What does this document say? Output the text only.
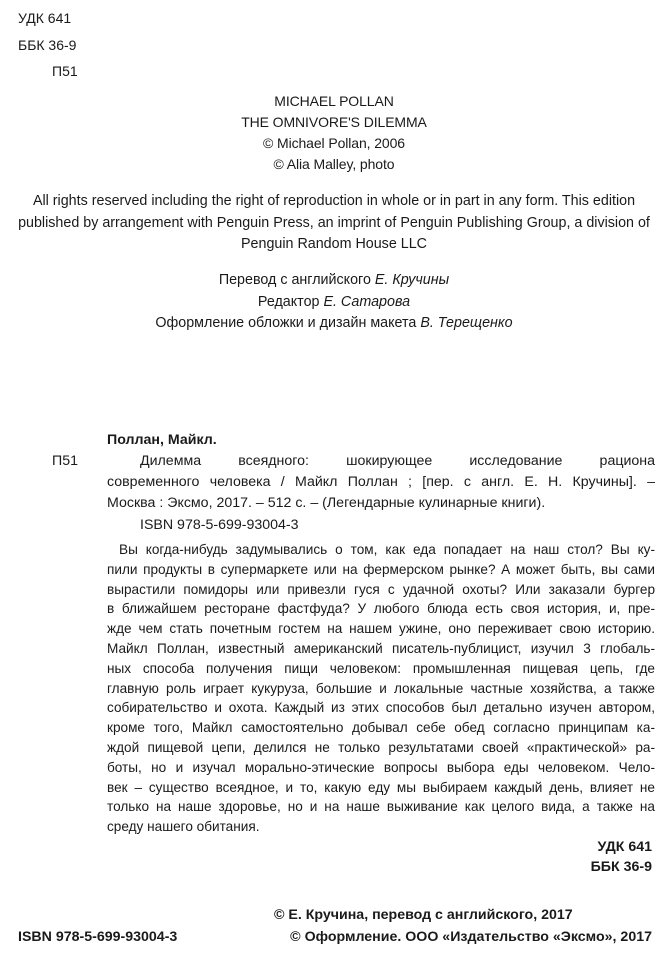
УДК 641
ББК 36-9
П51
MICHAEL POLLAN
THE OMNIVORE'S DILEMMA
© Michael Pollan, 2006
© Alia Malley, photo
All rights reserved including the right of reproduction in whole or in part in any form. This edition published by arrangement with Penguin Press, an imprint of Penguin Publishing Group, a division of Penguin Random House LLC
Перевод с английского Е. Кручины
Редактор Е. Сатарова
Оформление обложки и дизайн макета В. Терещенко
Поллан, Майкл.
П51	Дилемма всеядного: шокирующее исследование рациона
современного человека / Майкл Поллан ; [пер. с англ. Е. Н. Кручины]. –
Москва : Эксмо, 2017. – 512 с. – (Легендарные кулинарные книги).
ISBN 978-5-699-93004-3
Вы когда-нибудь задумывались о том, как еда попадает на наш стол? Вы ку-
пили продукты в супермаркете или на фермерском рынке? А может быть, вы сами
вырастили помидоры или привезли гуся с удачной охоты? Или заказали бургер
в ближайшем ресторане фастфуда? У любого блюда есть своя история, и, пре-
жде чем стать почетным гостем на нашем ужине, оно переживает свою историю.
Майкл Поллан, известный американский писатель-публицист, изучил 3 глобаль-
ных способа получения пищи человеком: промышленная пищевая цепь, где
главную роль играет кукуруза, большие и локальные частные хозяйства, а также
собирательство и охота. Каждый из этих способов был детально изучен автором,
кроме того, Майкл самостоятельно добывал себе обед согласно принципам ка-
ждой пищевой цепи, делился не только результатами своей «практической» ра-
боты, но и изучал морально-этические вопросы выбора еды человеком. Чело-
век – существо всеядное, и то, какую еду мы выбираем каждый день, влияет не
только на наше здоровье, но и на наше выживание как целого вида, а также на
среду нашего обитания.
УДК 641
ББК 36-9
© Е. Кручина, перевод с английского, 2017
ISBN 978-5-699-93004-3	© Оформление. ООО «Издательство «Эксмо», 2017
